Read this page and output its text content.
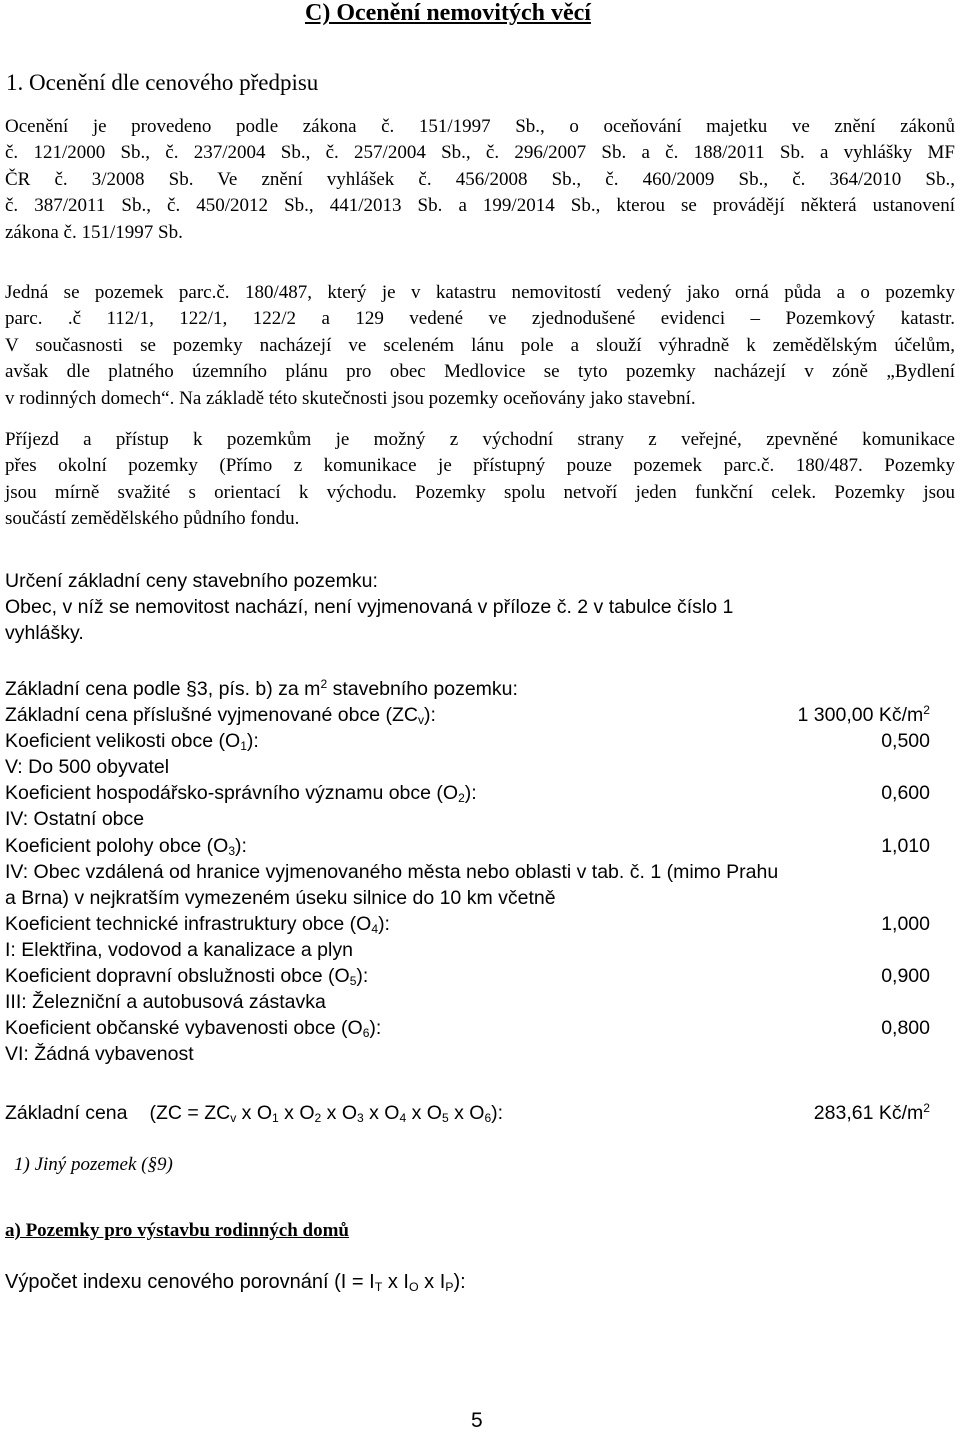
C) Ocenění nemovitých věcí
1. Ocenění dle cenového předpisu
Ocenění je provedeno podle zákona č. 151/1997 Sb., o oceňování majetku ve znění zákonů
č. 121/2000 Sb., č. 237/2004 Sb., č. 257/2004 Sb., č. 296/2007 Sb. a č. 188/2011 Sb. a vyhlášky MF
ČR č. 3/2008 Sb. Ve znění vyhlášek č. 456/2008 Sb., č. 460/2009 Sb., č. 364/2010 Sb.,
č. 387/2011 Sb., č. 450/2012 Sb., 441/2013 Sb. a 199/2014 Sb., kterou se provádějí některá ustanovení
zákona č. 151/1997 Sb.
Jedná se pozemek parc.č. 180/487, který je v katastru nemovitostí vedený jako orná půda a o pozemky
parc. .č 112/1, 122/1, 122/2 a 129 vedené ve zjednodušené evidenci – Pozemkový katastr.
V současnosti se pozemky nacházejí ve sceleném lánu pole a slouží výhradně k zemědělským účelům,
avšak dle platného územního plánu pro obec Medlovice se tyto pozemky nacházejí v zóně „Bydlení
v rodinných domech“. Na základě této skutečnosti jsou pozemky oceňovány jako stavební.
Příjezd a přístup k pozemkům je možný z východní strany z veřejné, zpevněné komunikace
přes okolní pozemky (Přímo z komunikace je přístupný pouze pozemek parc.č. 180/487. Pozemky
jsou mírně svažité s orientací k východu. Pozemky spolu netvoří jeden funkční celek. Pozemky jsou
součástí zemědělského půdního fondu.
Určení základní ceny stavebního pozemku:
Obec, v níž se nemovitost nachází, není vyjmenovaná v příloze č. 2 v tabulce číslo 1
vyhlášky.
Základní cena podle §3, pís. b) za $m^2$ stavebního pozemku:
Základní cena příslušné vyjmenované obce $(ZC_v)$:	1 300,00 $Kč/m^2$
Koeficient velikosti obce $(O_1)$:	0,500
V: Do 500 obyvatel
Koeficient hospodářsko-správního významu obce $(O_2)$:	0,600
IV: Ostatní obce
Koeficient polohy obce $(O_3)$:	1,010
IV: Obec vzdálená od hranice vyjmenovaného města nebo oblasti v tab. č. 1 (mimo Prahu
a Brna) v nejkratším vymezeném úseku silnice do 10 km včetně
Koeficient technické infrastruktury obce $(O_4)$:	1,000
I: Elektřina, vodovod a kanalizace a plyn
Koeficient dopravní obslužnosti obce $(O_5)$:	0,900
III: Železniční a autobusová zástavka
Koeficient občanské vybavenosti obce $(O_6)$:	0,800
VI: Žádná vybavenost
Základní cena ($ZC = ZC_v$ x $O_1$ x $O_2$ x $O_3$ x $O_4$ x $O_5$ x $O_6$):	283,61 $Kč/m^2$
1) Jiný pozemek (§9)
a) Pozemky pro výstavbu rodinných domů
Výpočet indexu cenového porovnání ($I = I_T$ x $I_O$ x $I_P$):
5
